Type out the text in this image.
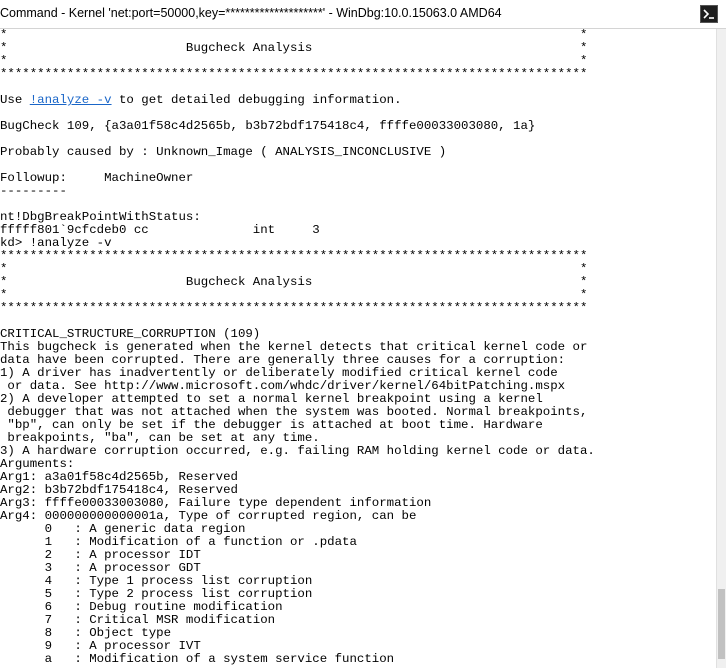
Command - Kernel 'net:port=50000,key=********************' - WinDbg:10.0.15063.0 AMD64
*                                                                             *
*                        Bugcheck Analysis                                    *
*                                                                             *
*******************************************************************************
Use !analyze -v to get detailed debugging information.
BugCheck 109, {a3a01f58c4d2565b, b3b72bdf175418c4, ffffe00033003080, 1a}
Probably caused by : Unknown_Image ( ANALYSIS_INCONCLUSIVE )
Followup:     MachineOwner
---------
nt!DbgBreakPointWithStatus:
fffff801`9cfcdeb0 cc              int     3
kd> !analyze -v
*******************************************************************************
*                                                                             *
*                        Bugcheck Analysis                                    *
*                                                                             *
*******************************************************************************
CRITICAL_STRUCTURE_CORRUPTION (109)
This bugcheck is generated when the kernel detects that critical kernel code or
data have been corrupted. There are generally three causes for a corruption:
1) A driver has inadvertently or deliberately modified critical kernel code
or data. See http://www.microsoft.com/whdc/driver/kernel/64bitPatching.mspx
2) A developer attempted to set a normal kernel breakpoint using a kernel
debugger that was not attached when the system was booted. Normal breakpoints,
"bp", can only be set if the debugger is attached at boot time. Hardware
breakpoints, "ba", can be set at any time.
3) A hardware corruption occurred, e.g. failing RAM holding kernel code or data.
Arguments:
Arg1: a3a01f58c4d2565b, Reserved
Arg2: b3b72bdf175418c4, Reserved
Arg3: ffffe00033003080, Failure type dependent information
Arg4: 000000000000001a, Type of corrupted region, can be
0   : A generic data region
1   : Modification of a function or .pdata
2   : A processor IDT
3   : A processor GDT
4   : Type 1 process list corruption
5   : Type 2 process list corruption
6   : Debug routine modification
7   : Critical MSR modification
8   : Object type
9   : A processor IVT
a   : Modification of a system service function
